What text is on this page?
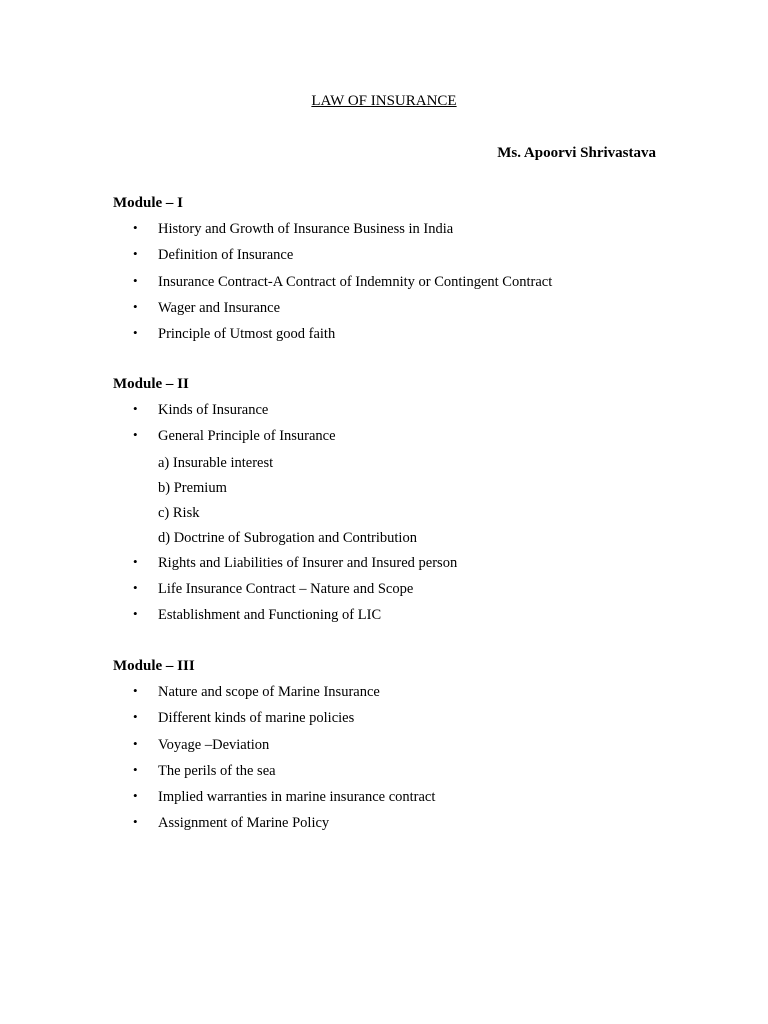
LAW OF INSURANCE
Ms. Apoorvi Shrivastava
Module – I
• History and Growth of Insurance Business in India
• Definition of Insurance
• Insurance Contract-A Contract of Indemnity or Contingent Contract
• Wager and Insurance
• Principle of Utmost good faith
Module – II
• Kinds of Insurance
• General Principle of Insurance
a) Insurable interest
b) Premium
c) Risk
d) Doctrine of Subrogation and Contribution
• Rights and Liabilities of Insurer and Insured person
• Life Insurance Contract – Nature and Scope
• Establishment and Functioning of LIC
Module – III
• Nature and scope of Marine Insurance
• Different kinds of marine policies
• Voyage –Deviation
• The perils of the sea
• Implied warranties in marine insurance contract
• Assignment of Marine Policy
